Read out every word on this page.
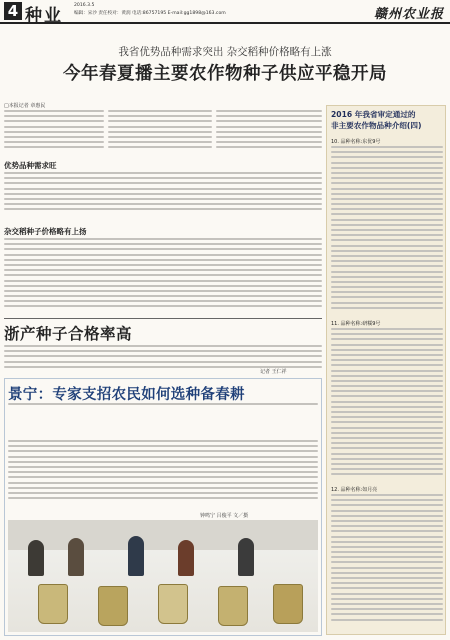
4 种业
2016.3.5
编辑：宋沙 责任校对：黄润 电话:86757195 E-mail:gg1898@163.com	赣州农业报
我省优势品种需求突出 杂交稻种价格略有上涨
今年春夏播主要农作物种子供应平稳开局
□本报记者 章惠民
优势品种需求旺
杂交稻种子价格略有上扬
浙产种子合格率高
记者 王仁祥
景宁：专家支招农民如何选种备春耕
钟鸣宁 吕俊平 文／摄
2016 年我省审定通过的
非主要农作物品种介绍(四)
10. 品种名称:东优9号
11. 品种名称:研糯9号
12. 品种名称:如月亮
